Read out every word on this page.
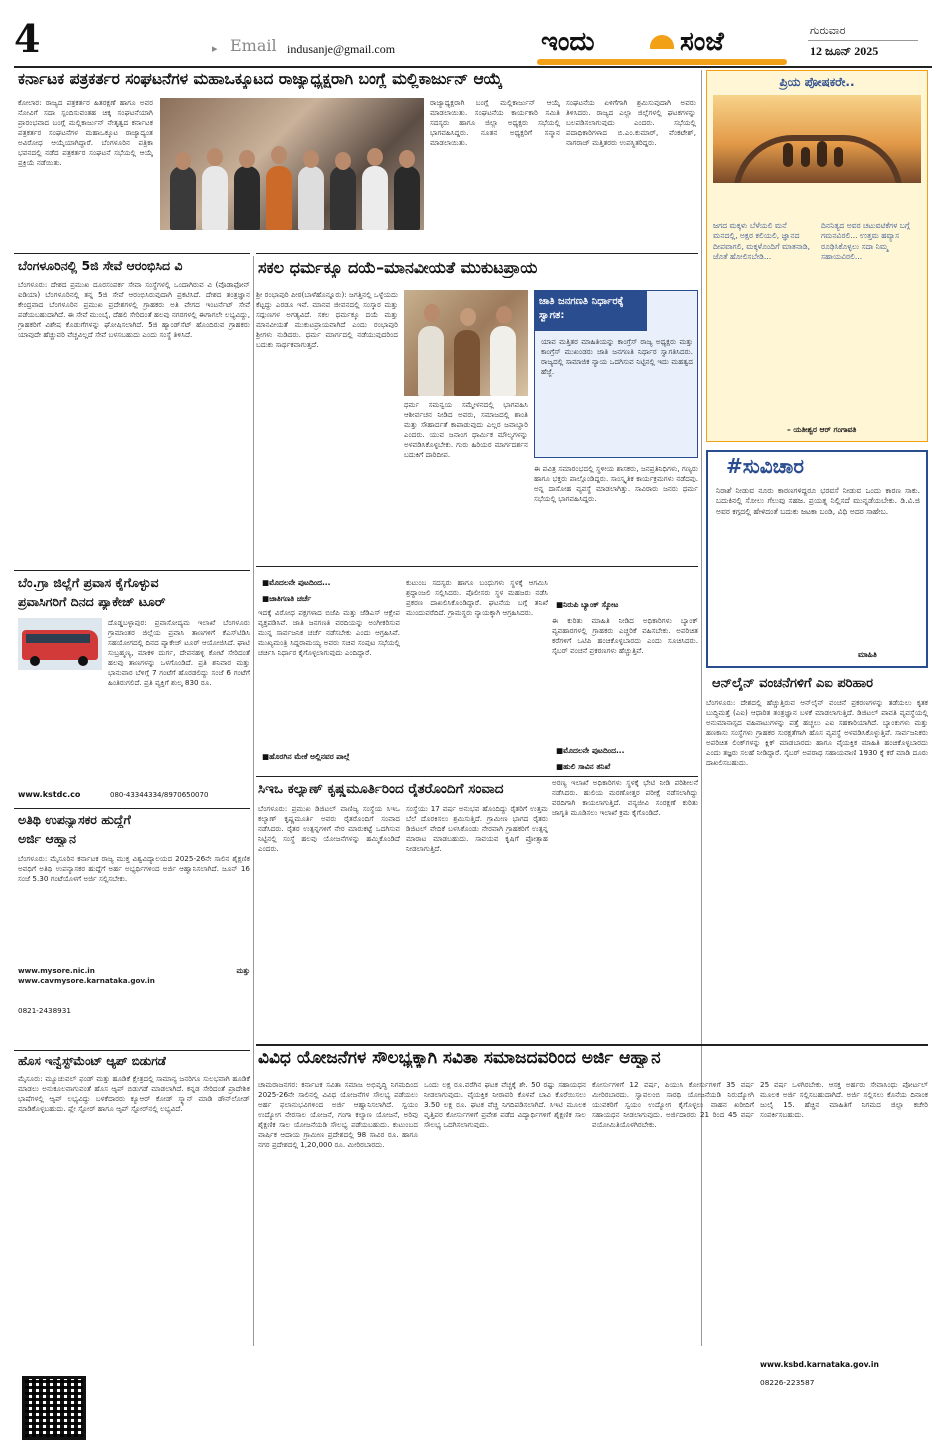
4	▸ Email indusanje@gmail.com	ಇಂದು	ಸಂಜೆ	ಗುರುವಾರ
12 ಜೂನ್ 2025
ಕರ್ನಾಟಕ ಪತ್ರಕರ್ತರ ಸಂಘಟನೆಗಳ ಮಹಾಒಕ್ಕೂಟದ ರಾಜ್ಯಾಧ್ಯಕ್ಷರಾಗಿ ಬಂಗ್ಲೆ ಮಲ್ಲಿಕಾರ್ಜುನ್ ಆಯ್ಕೆ
ಕೋಲಾರ: ರಾಜ್ಯದ ಪತ್ರಕರ್ತರ ಹಿತರಕ್ಷಣೆ ಹಾಗೂ ಅವರ ನೋವಿಗೆ ಸದಾ ಸ್ಪಂದಿಸುವಂತಹ ಚಿಕ್ಕ ಸಂಘಟನೆಯಾಗಿ ಪ್ರಾರಂಭವಾದ ಬಂಗ್ಲೆ ಮಲ್ಲಿಕಾರ್ಜುನ್ ನೇತೃತ್ವದ ಕರ್ನಾಟಕ ಪತ್ರಕರ್ತರ ಸಂಘಟನೆಗಳ ಮಹಾಒಕ್ಕೂಟ ರಾಜ್ಯಾದ್ಯಂತ ಅವಿರೋಧ ಆಯ್ಕೆಯಾಗಿದ್ದಾರೆ. ಬೆಂಗಳೂರಿನ ಪತ್ರಿಕಾ ಭವನದಲ್ಲಿ ನಡೆದ ಪತ್ರಕರ್ತರ ಸಂಘಟನೆ ಸಭೆಯಲ್ಲಿ ಆಯ್ಕೆ ಪ್ರಕ್ರಿಯೆ ನಡೆಯಿತು.
ರಾಜ್ಯಾಧ್ಯಕ್ಷರಾಗಿ ಬಂಗ್ಲೆ ಮಲ್ಲಿಕಾರ್ಜುನ್ ಆಯ್ಕೆ ಮಾಡಲಾಯಿತು. ಸಂಘಟನೆಯ ಕಾರ್ಯಕಾರಿ ಸಮಿತಿ ಸದಸ್ಯರು ಹಾಗೂ ಜಿಲ್ಲಾ ಅಧ್ಯಕ್ಷರು ಸಭೆಯಲ್ಲಿ ಭಾಗವಹಿಸಿದ್ದರು. ನೂತನ ಅಧ್ಯಕ್ಷರಿಗೆ ಸನ್ಮಾನ ಮಾಡಲಾಯಿತು.
ಸಂಘಟನೆಯ ಏಳಿಗೆಗಾಗಿ ಶ್ರಮಿಸುವುದಾಗಿ ಅವರು ತಿಳಿಸಿದರು. ರಾಜ್ಯದ ಎಲ್ಲಾ ಜಿಲ್ಲೆಗಳಲ್ಲಿ ಘಟಕಗಳನ್ನು ಬಲಪಡಿಸಲಾಗುವುದು ಎಂದರು. ಸಭೆಯಲ್ಲಿ ಪದಾಧಿಕಾರಿಗಳಾದ ಬಿ.ಎಂ.ಕುಮಾರ್, ವೆಂಕಟೇಶ್, ನಾಗರಾಜ್ ಮತ್ತಿತರರು ಉಪಸ್ಥಿತರಿದ್ದರು.
ಪ್ರಿಯ ಪೋಷಕರೇ..
ಜಗದ ಮಕ್ಕಳು ಬೆಳೆಯಲಿ ಮನೆ ಮನದಲ್ಲಿ, ಅಕ್ಷರ ಕಲಿಯಲಿ, ಜ್ಞಾನದ ದೀಪವಾಗಲಿ, ಮಕ್ಕಳೊಂದಿಗೆ ಮಾತನಾಡಿ, ಜೊತೆ ಹೋಲಿಸಬೇಡಿ...
ದಿನನಿತ್ಯದ ಅವರ ಚಟುವಟಿಕೆಗಳ ಬಗ್ಗೆ ಗಮನವಿರಲಿ... ಉತ್ತಮ ಹವ್ಯಾಸ ರೂಢಿಸಿಕೊಳ್ಳಲು ಸದಾ ನಿಮ್ಮ ಸಹಾಯವಿರಲಿ...
– ಯತೀಶ್ವರ ಆರ್ ಗಂಗಾವತಿ
#ಸುವಿಚಾರ
ನಿರಾಶೆ ನೀಡುವ ನೂರು ಕಾರಣಗಳಿದ್ದರೂ ಭರವಸೆ ನೀಡುವ ಒಂದು ಕಾರಣ ಸಾಕು. ಬದುಕಿನಲ್ಲಿ ಸೋಲು ಗೆಲುವು ಸಹಜ. ಪ್ರಯತ್ನ ನಿಲ್ಲಿಸದೆ ಮುನ್ನಡೆಯಬೇಕು. ಡಿ.ವಿ.ಜಿ ಅವರ ಕಗ್ಗದಲ್ಲಿ ಹೇಳಿದಂತೆ ಬದುಕು ಜಟಕಾ ಬಂಡಿ, ವಿಧಿ ಅದರ ಸಾಹೇಬ.
ಮಾಹಿತಿ
ಬೆಂಗಳೂರಿನಲ್ಲಿ 5ಜಿ ಸೇವೆ ಆರಂಭಿಸಿದ ವಿ
ಬೆಂಗಳೂರು: ದೇಶದ ಪ್ರಮುಖ ದೂರಸಂಪರ್ಕ ಸೇವಾ ಸಂಸ್ಥೆಗಳಲ್ಲಿ ಒಂದಾಗಿರುವ ವಿ (ವೊಡಾಫೋನ್ ಐಡಿಯಾ) ಬೆಂಗಳೂರಿನಲ್ಲಿ ತನ್ನ 5ಜಿ ಸೇವೆ ಆರಂಭಿಸಿರುವುದಾಗಿ ಪ್ರಕಟಿಸಿದೆ. ದೇಶದ ತಂತ್ರಜ್ಞಾನ ಕೇಂದ್ರವಾದ ಬೆಂಗಳೂರಿನ ಪ್ರಮುಖ ಪ್ರದೇಶಗಳಲ್ಲಿ ಗ್ರಾಹಕರು ಅತಿ ವೇಗದ ಇಂಟರ್ನೆಟ್ ಸೇವೆ ಪಡೆಯಬಹುದಾಗಿದೆ. ಈ ಸೇವೆ ಮುಂಬೈ, ದೆಹಲಿ ಸೇರಿದಂತೆ ಹಲವು ನಗರಗಳಲ್ಲಿ ಈಗಾಗಲೇ ಲಭ್ಯವಿದ್ದು, ಗ್ರಾಹಕರಿಗೆ ವಿಶೇಷ ಕೊಡುಗೆಗಳನ್ನು ಘೋಷಿಸಲಾಗಿದೆ. 5ಜಿ ಹ್ಯಾಂಡ್‌ಸೆಟ್ ಹೊಂದಿರುವ ಗ್ರಾಹಕರು ಯಾವುದೇ ಹೆಚ್ಚುವರಿ ವೆಚ್ಚವಿಲ್ಲದೆ ಸೇವೆ ಬಳಸಬಹುದು ಎಂದು ಸಂಸ್ಥೆ ತಿಳಿಸಿದೆ.
ಸಕಲ ಧರ್ಮಕ್ಕೂ ದಯೆ–ಮಾನವೀಯತೆ ಮುಕುಟಪ್ರಾಯ
ಶ್ರೀ ರಂಭಾಪುರಿ ಪೀಠ(ಬಾಳೆಹೊನ್ನೂರು): ಜಗತ್ತಿನಲ್ಲಿ ಒಳ್ಳೆಯದು ಕೆಟ್ಟದ್ದು ಎರಡೂ ಇವೆ. ಮಾನವ ಜೀವನದಲ್ಲಿ ಸಂಸ್ಕಾರ ಮತ್ತು ಸದ್ಗುಣಗಳ ಅಗತ್ಯವಿದೆ. ಸಕಲ ಧರ್ಮಕ್ಕೂ ದಯೆ ಮತ್ತು ಮಾನವೀಯತೆ ಮುಕುಟಪ್ರಾಯವಾಗಿದೆ ಎಂದು ರಂಭಾಪುರಿ ಶ್ರೀಗಳು ನುಡಿದರು. ಧರ್ಮ ಮಾರ್ಗದಲ್ಲಿ ನಡೆಯುವುದರಿಂದ ಬದುಕು ಸಾರ್ಥಕವಾಗುತ್ತದೆ.
ಜಾತಿ ಜನಗಣತಿ ನಿರ್ಧಾರಕ್ಕೆ ಸ್ವಾಗತ:
ಯಾವ ಮತ್ತಿತರ ಮಾಹಿತಿಯನ್ನು ಕಾಂಗ್ರೆಸ್ ರಾಜ್ಯ ಅಧ್ಯಕ್ಷರು ಮತ್ತು ಕಾಂಗ್ರೆಸ್ ಮುಖಂಡರು ಜಾತಿ ಜನಗಣತಿ ನಿರ್ಧಾರ ಸ್ವಾಗತಿಸಿದರು. ರಾಜ್ಯದಲ್ಲಿ ಸಾಮಾಜಿಕ ನ್ಯಾಯ ಒದಗಿಸುವ ನಿಟ್ಟಿನಲ್ಲಿ ಇದು ಮಹತ್ವದ ಹೆಜ್ಜೆ.
ಧರ್ಮ ಸಮನ್ವಯ ಸಮ್ಮೇಳನದಲ್ಲಿ ಭಾಗವಹಿಸಿ ಆಶೀರ್ವಚನ ನೀಡಿದ ಅವರು, ಸಮಾಜದಲ್ಲಿ ಶಾಂತಿ ಮತ್ತು ಸೌಹಾರ್ದತೆ ಕಾಪಾಡುವುದು ಎಲ್ಲರ ಜವಾಬ್ದಾರಿ ಎಂದರು. ಯುವ ಜನಾಂಗ ಧಾರ್ಮಿಕ ಮೌಲ್ಯಗಳನ್ನು ಅಳವಡಿಸಿಕೊಳ್ಳಬೇಕು. ಗುರು ಹಿರಿಯರ ಮಾರ್ಗದರ್ಶನ ಬದುಕಿಗೆ ದಾರಿದೀಪ.
ಈ ಪವಿತ್ರ ಸಮಾರಂಭದಲ್ಲಿ ಸ್ಥಳೀಯ ಶಾಸಕರು, ಜನಪ್ರತಿನಿಧಿಗಳು, ಗಣ್ಯರು ಹಾಗೂ ಭಕ್ತರು ಪಾಲ್ಗೊಂಡಿದ್ದರು. ಸಾಂಸ್ಕೃತಿಕ ಕಾರ್ಯಕ್ರಮಗಳು ನಡೆದವು. ಅನ್ನ ದಾಸೋಹ ವ್ಯವಸ್ಥೆ ಮಾಡಲಾಗಿತ್ತು. ಸಾವಿರಾರು ಜನರು ಧರ್ಮ ಸಭೆಯಲ್ಲಿ ಭಾಗವಹಿಸಿದ್ದರು.
ಬೆಂ.ಗ್ರಾ ಜಿಲ್ಲೆಗೆ ಪ್ರವಾಸ ಕೈಗೊಳ್ಳುವ
ಪ್ರವಾಸಿಗರಿಗೆ ದಿನದ ಪ್ಯಾಕೇಜ್ ಟೂರ್
ದೊಡ್ಡಬಳ್ಳಾಪುರ: ಪ್ರವಾಸೋದ್ಯಮ ಇಲಾಖೆ ಬೆಂಗಳೂರು ಗ್ರಾಮಾಂತರ ಜಿಲ್ಲೆಯ ಪ್ರವಾಸಿ ತಾಣಗಳಿಗೆ ಕೆಎಸ್‌ಟಿಡಿಸಿ ಸಹಯೋಗದಲ್ಲಿ ದಿನದ ಪ್ಯಾಕೇಜ್ ಟೂರ್ ಆಯೋಜಿಸಿದೆ. ಘಾಟಿ ಸುಬ್ರಹ್ಮಣ್ಯ, ಮಾಕಳಿ ದುರ್ಗ, ದೇವನಹಳ್ಳಿ ಕೋಟೆ ಸೇರಿದಂತೆ ಹಲವು ತಾಣಗಳನ್ನು ಒಳಗೊಂಡಿದೆ. ಪ್ರತಿ ಶನಿವಾರ ಮತ್ತು ಭಾನುವಾರ ಬೆಳಿಗ್ಗೆ 7 ಗಂಟೆಗೆ ಹೊರಡಲಿದ್ದು ಸಂಜೆ 6 ಗಂಟೆಗೆ ಹಿಂತಿರುಗಲಿದೆ. ಪ್ರತಿ ವ್ಯಕ್ತಿಗೆ ಶುಲ್ಕ 830 ರೂ.
www.kstdc.co	080-43344334/8970650070
ಅತಿಥಿ ಉಪನ್ಯಾಸಕರ ಹುದ್ದೆಗೆ
ಅರ್ಜಿ ಆಹ್ವಾನ
ಬೆಂಗಳೂರು: ಮೈಸೂರಿನ ಕರ್ನಾಟಕ ರಾಜ್ಯ ಮುಕ್ತ ವಿಶ್ವವಿದ್ಯಾಲಯದ 2025-26ನೇ ಸಾಲಿನ ಶೈಕ್ಷಣಿಕ ಅವಧಿಗೆ ಅತಿಥಿ ಉಪನ್ಯಾಸಕರ ಹುದ್ದೆಗೆ ಅರ್ಹ ಅಭ್ಯರ್ಥಿಗಳಿಂದ ಅರ್ಜಿ ಆಹ್ವಾನಿಸಲಾಗಿದೆ. ಜೂನ್ 16 ಸಂಜೆ 5.30 ಗಂಟೆಯೊಳಗೆ ಅರ್ಜಿ ಸಲ್ಲಿಸಬೇಕು.
www.mysore.nic.in ಮತ್ತು www.cavmysore.karnataka.gov.in
0821-2438931
ಹೊಸ ಇನ್ವೆಸ್ಟ್‌ಮೆಂಟ್ ಆ್ಯಪ್ ಬಿಡುಗಡೆ
ಮೈಸೂರು: ಮ್ಯೂಚುವಲ್ ಫಂಡ್ ಮತ್ತು ಹೂಡಿಕೆ ಕ್ಷೇತ್ರದಲ್ಲಿ ಸಾಮಾನ್ಯ ಜನರಿಗೂ ಸುಲಭವಾಗಿ ಹೂಡಿಕೆ ಮಾಡಲು ಅನುಕೂಲವಾಗುವಂತೆ ಹೊಸ ಆ್ಯಪ್ ಬಿಡುಗಡೆ ಮಾಡಲಾಗಿದೆ. ಕನ್ನಡ ಸೇರಿದಂತೆ ಪ್ರಾದೇಶಿಕ ಭಾಷೆಗಳಲ್ಲಿ ಆ್ಯಪ್ ಲಭ್ಯವಿದ್ದು ಬಳಕೆದಾರರು ಕ್ಯೂಆರ್ ಕೋಡ್ ಸ್ಕ್ಯಾನ್ ಮಾಡಿ ಡೌನ್‌ಲೋಡ್ ಮಾಡಿಕೊಳ್ಳಬಹುದು. ಪ್ಲೇ ಸ್ಟೋರ್ ಹಾಗೂ ಆ್ಯಪ್ ಸ್ಟೋರ್‌ನಲ್ಲಿ ಲಭ್ಯವಿದೆ.
■ ಮೊದಲನೇ ಪುಟದಿಂದ...
■ ಜಾತಿಗಣತಿ ಚರ್ಚೆ
ಇದಕ್ಕೆ ವಿರೋಧ ಪಕ್ಷಗಳಾದ ಬಿಜೆಪಿ ಮತ್ತು ಜೆಡಿಎಸ್ ಆಕ್ಷೇಪ ವ್ಯಕ್ತಪಡಿಸಿವೆ. ಜಾತಿ ಜನಗಣತಿ ವರದಿಯನ್ನು ಅಂಗೀಕರಿಸುವ ಮುನ್ನ ಸಾರ್ವಜನಿಕ ಚರ್ಚೆ ನಡೆಸಬೇಕು ಎಂದು ಆಗ್ರಹಿಸಿವೆ. ಮುಖ್ಯಮಂತ್ರಿ ಸಿದ್ದರಾಮಯ್ಯ ಅವರು ಸಚಿವ ಸಂಪುಟ ಸಭೆಯಲ್ಲಿ ಚರ್ಚಿಸಿ ನಿರ್ಧಾರ ಕೈಗೊಳ್ಳಲಾಗುವುದು ಎಂದಿದ್ದಾರೆ.
■ ಹೊರಗಿನ ಮೇಕೆ ಅಲ್ಲಿನವರ ಪಾಲ್ಗೆ
ಕುಟುಂಬ ಸದಸ್ಯರು ಹಾಗೂ ಬಂಧುಗಳು ಸ್ಥಳಕ್ಕೆ ಆಗಮಿಸಿ ಶ್ರದ್ಧಾಂಜಲಿ ಸಲ್ಲಿಸಿದರು. ಪೊಲೀಸರು ಸ್ಥಳ ಮಹಜರು ನಡೆಸಿ ಪ್ರಕರಣ ದಾಖಲಿಸಿಕೊಂಡಿದ್ದಾರೆ. ಘಟನೆಯ ಬಗ್ಗೆ ತನಿಖೆ ಮುಂದುವರೆದಿದೆ. ಗ್ರಾಮಸ್ಥರು ನ್ಯಾಯಕ್ಕಾಗಿ ಆಗ್ರಹಿಸಿದರು.
■ ನಿರುಪಿ ಬ್ಯಾಂಕ್ ಸ್ಕೋಟ
ಈ ಕುರಿತು ಮಾಹಿತಿ ನೀಡಿದ ಅಧಿಕಾರಿಗಳು ಬ್ಯಾಂಕ್ ವ್ಯವಹಾರಗಳಲ್ಲಿ ಗ್ರಾಹಕರು ಎಚ್ಚರಿಕೆ ವಹಿಸಬೇಕು. ಅಪರಿಚಿತ ಕರೆಗಳಿಗೆ ಒಟಿಪಿ ಹಂಚಿಕೊಳ್ಳಬಾರದು ಎಂದು ಸೂಚಿಸಿದರು. ಸೈಬರ್ ವಂಚನೆ ಪ್ರಕರಣಗಳು ಹೆಚ್ಚುತ್ತಿವೆ.
■ ಮೊದಲನೇ ಪುಟದಿಂದ...
■ ಹುಲಿ ಸಾವಿನ ತನಿಖೆ
ಆನ್‌ಲೈನ್ ವಂಚನೆಗಳಿಗೆ ಎಐ ಪರಿಹಾರ
ಬೆಂಗಳೂರು: ದೇಶದಲ್ಲಿ ಹೆಚ್ಚುತ್ತಿರುವ ಆನ್‌ಲೈನ್ ವಂಚನೆ ಪ್ರಕರಣಗಳನ್ನು ತಡೆಯಲು ಕೃತಕ ಬುದ್ಧಿಮತ್ತೆ (ಎಐ) ಆಧಾರಿತ ತಂತ್ರಜ್ಞಾನ ಬಳಕೆ ಮಾಡಲಾಗುತ್ತಿದೆ. ಡಿಜಿಟಲ್ ಪಾವತಿ ವ್ಯವಸ್ಥೆಯಲ್ಲಿ ಅನುಮಾನಾಸ್ಪದ ವಹಿವಾಟುಗಳನ್ನು ಪತ್ತೆ ಹಚ್ಚಲು ಎಐ ಸಹಕಾರಿಯಾಗಿದೆ. ಬ್ಯಾಂಕುಗಳು ಮತ್ತು ಹಣಕಾಸು ಸಂಸ್ಥೆಗಳು ಗ್ರಾಹಕರ ಸುರಕ್ಷತೆಗಾಗಿ ಹೊಸ ವ್ಯವಸ್ಥೆ ಅಳವಡಿಸಿಕೊಳ್ಳುತ್ತಿವೆ. ಸಾರ್ವಜನಿಕರು ಅಪರಿಚಿತ ಲಿಂಕ್‌ಗಳನ್ನು ಕ್ಲಿಕ್ ಮಾಡಬಾರದು ಹಾಗೂ ವೈಯಕ್ತಿಕ ಮಾಹಿತಿ ಹಂಚಿಕೊಳ್ಳಬಾರದು ಎಂದು ತಜ್ಞರು ಸಲಹೆ ನೀಡಿದ್ದಾರೆ. ಸೈಬರ್ ಅಪರಾಧ ಸಹಾಯವಾಣಿ 1930 ಕ್ಕೆ ಕರೆ ಮಾಡಿ ದೂರು ದಾಖಲಿಸಬಹುದು.
ಸಿಇಒ ಕಲ್ಯಾಣ್ ಕೃಷ್ಣಮೂರ್ತಿರಿಂದ ರೈತರೊಂದಿಗೆ ಸಂವಾದ
ಬೆಂಗಳೂರು: ಪ್ರಮುಖ ಡಿಜಿಟಲ್ ವಾಣಿಜ್ಯ ಸಂಸ್ಥೆಯ ಸಿಇಒ ಕಲ್ಯಾಣ್ ಕೃಷ್ಣಮೂರ್ತಿ ಅವರು ರೈತರೊಂದಿಗೆ ಸಂವಾದ ನಡೆಸಿದರು. ರೈತರ ಉತ್ಪನ್ನಗಳಿಗೆ ನೇರ ಮಾರುಕಟ್ಟೆ ಒದಗಿಸುವ ನಿಟ್ಟಿನಲ್ಲಿ ಸಂಸ್ಥೆ ಹಲವು ಯೋಜನೆಗಳನ್ನು ಹಮ್ಮಿಕೊಂಡಿದೆ ಎಂದರು.
ಸಂಸ್ಥೆಯು 17 ವರ್ಷ ಅನುಭವ ಹೊಂದಿದ್ದು ರೈತರಿಗೆ ಉತ್ತಮ ಬೆಲೆ ದೊರಕಿಸಲು ಶ್ರಮಿಸುತ್ತಿದೆ. ಗ್ರಾಮೀಣ ಭಾಗದ ರೈತರು ಡಿಜಿಟಲ್ ವೇದಿಕೆ ಬಳಸಿಕೊಂಡು ನೇರವಾಗಿ ಗ್ರಾಹಕರಿಗೆ ಉತ್ಪನ್ನ ಮಾರಾಟ ಮಾಡಬಹುದು. ಸಾವಯವ ಕೃಷಿಗೆ ಪ್ರೋತ್ಸಾಹ ನೀಡಲಾಗುತ್ತಿದೆ.
ಅರಣ್ಯ ಇಲಾಖೆ ಅಧಿಕಾರಿಗಳು ಸ್ಥಳಕ್ಕೆ ಭೇಟಿ ನೀಡಿ ಪರಿಶೀಲನೆ ನಡೆಸಿದರು. ಹುಲಿಯ ಮರಣೋತ್ತರ ಪರೀಕ್ಷೆ ನಡೆಸಲಾಗಿದ್ದು ವರದಿಗಾಗಿ ಕಾಯಲಾಗುತ್ತಿದೆ. ವನ್ಯಜೀವಿ ಸಂರಕ್ಷಣೆ ಕುರಿತು ಜಾಗೃತಿ ಮೂಡಿಸಲು ಇಲಾಖೆ ಕ್ರಮ ಕೈಗೊಂಡಿದೆ.
ವಿವಿಧ ಯೋಜನೆಗಳ ಸೌಲಭ್ಯಕ್ಕಾಗಿ ಸವಿತಾ ಸಮಾಜದವರಿಂದ ಅರ್ಜಿ ಆಹ್ವಾನ
ಚಾಮರಾಜನಗರ: ಕರ್ನಾಟಕ ಸವಿತಾ ಸಮಾಜ ಅಭಿವೃದ್ಧಿ ನಿಗಮದಿಂದ 2025-26ನೇ ಸಾಲಿನಲ್ಲಿ ವಿವಿಧ ಯೋಜನೆಗಳ ಸೌಲಭ್ಯ ಪಡೆಯಲು ಅರ್ಹ ಫಲಾನುಭವಿಗಳಿಂದ ಅರ್ಜಿ ಆಹ್ವಾನಿಸಲಾಗಿದೆ. ಸ್ವಯಂ ಉದ್ಯೋಗ ನೇರಸಾಲ ಯೋಜನೆ, ಗಂಗಾ ಕಲ್ಯಾಣ ಯೋಜನೆ, ಅರಿವು ಶೈಕ್ಷಣಿಕ ಸಾಲ ಯೋಜನೆಯಡಿ ಸೌಲಭ್ಯ ಪಡೆಯಬಹುದು. ಕುಟುಂಬದ ವಾರ್ಷಿಕ ಆದಾಯ ಗ್ರಾಮೀಣ ಪ್ರದೇಶದಲ್ಲಿ 98 ಸಾವಿರ ರೂ. ಹಾಗೂ ನಗರ ಪ್ರದೇಶದಲ್ಲಿ 1,20,000 ರೂ. ಮೀರಿರಬಾರದು.
ಒಂದು ಲಕ್ಷ ರೂ.ವರೆಗಿನ ಘಟಕ ವೆಚ್ಚಕ್ಕೆ ಶೇ. 50 ರಷ್ಟು ಸಹಾಯಧನ ನೀಡಲಾಗುವುದು. ವೈಯಕ್ತಿಕ ನೀರಾವರಿ ಕೊಳವೆ ಬಾವಿ ಕೊರೆಯಿಸಲು 3.50 ಲಕ್ಷ ರೂ. ಘಟಕ ವೆಚ್ಚ ನಿಗದಿಪಡಿಸಲಾಗಿದೆ. ಸಿಇಟಿ ಮೂಲಕ ವೃತ್ತಿಪರ ಕೋರ್ಸುಗಳಿಗೆ ಪ್ರವೇಶ ಪಡೆದ ವಿದ್ಯಾರ್ಥಿಗಳಿಗೆ ಶೈಕ್ಷಣಿಕ ಸಾಲ ಸೌಲಭ್ಯ ಒದಗಿಸಲಾಗುವುದು.
ಕೋರ್ಸುಗಳಿಗೆ 12 ವರ್ಷ, ಪಿಯುಸಿ ಕೋರ್ಸುಗಳಿಗೆ 35 ವರ್ಷ ಮೀರಿರಬಾರದು. ಸ್ವಾವಲಂಬಿ ಸಾರಥಿ ಯೋಜನೆಯಡಿ ನಿರುದ್ಯೋಗಿ ಯುವಕರಿಗೆ ಸ್ವಯಂ ಉದ್ಯೋಗ ಕೈಗೊಳ್ಳಲು ವಾಹನ ಖರೀದಿಗೆ ಸಹಾಯಧನ ನೀಡಲಾಗುವುದು. ಅರ್ಜಿದಾರರು 21 ರಿಂದ 45 ವರ್ಷ ವಯೋಮಿತಿಯೊಳಗಿರಬೇಕು.
25 ವರ್ಷ ಒಳಗಿರಬೇಕು. ಆಸಕ್ತ ಅರ್ಹರು ಸೇವಾಸಿಂಧು ಪೋರ್ಟಲ್ ಮೂಲಕ ಅರ್ಜಿ ಸಲ್ಲಿಸಬಹುದಾಗಿದೆ. ಅರ್ಜಿ ಸಲ್ಲಿಸಲು ಕೊನೆಯ ದಿನಾಂಕ ಜುಲೈ 15. ಹೆಚ್ಚಿನ ಮಾಹಿತಿಗೆ ನಿಗಮದ ಜಿಲ್ಲಾ ಕಚೇರಿ ಸಂಪರ್ಕಿಸಬಹುದು.
www.ksbd.karnataka.gov.in
08226-223587
